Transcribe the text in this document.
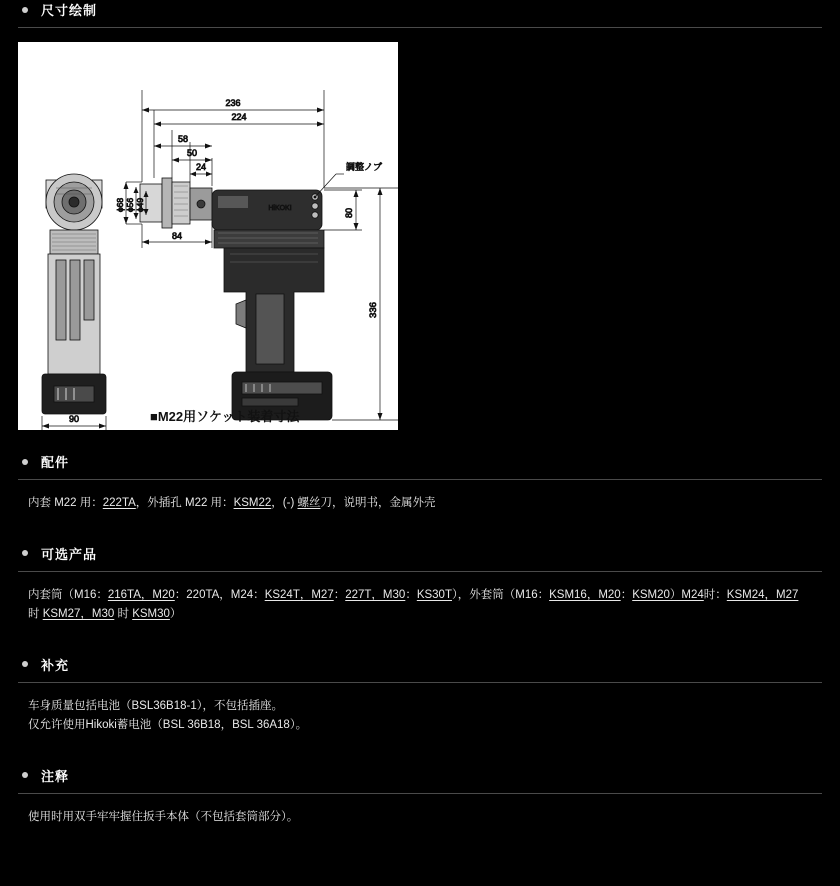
尺寸绘制
90
HiKOKI
236
224
58
50
24
84
ϕ68 ϕ56 ϕ49
80
336
調整ノブ
■M22用ソケット装着寸法
配件
内套 M22 用：222TA，外插孔 M22 用：KSM22，(-) 螺丝刀，说明书，金属外壳
可选产品
内套筒（M16：216TA，M20：220TA，M24：KS24T，M27：227T，M30：KS30T），外套筒（M16：KSM16，M20：KSM20）M24时：KSM24，M27 时 KSM27，M30 时 KSM30）
补充
车身质量包括电池（BSL36B18-1），不包括插座。
仅允许使用Hikoki蓄电池（BSL 36B18，BSL 36A18）。
注释
使用时用双手牢牢握住扳手本体（不包括套筒部分）。
